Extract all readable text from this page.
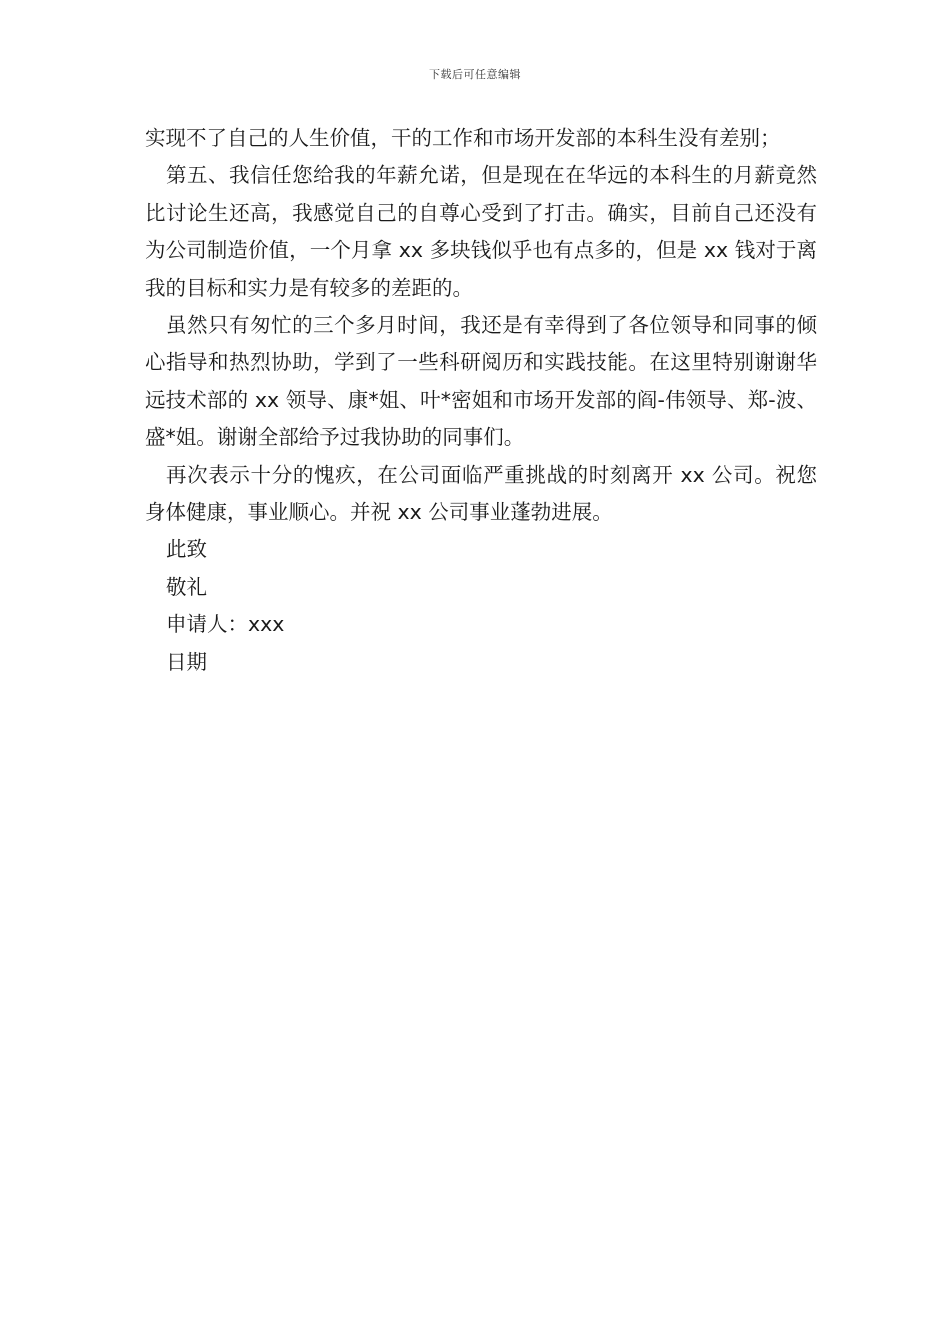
下载后可任意编辑

实现不了自己的人生价值，干的工作和市场开发部的本科生没有差别；

第五、我信任您给我的年薪允诺，但是现在在华远的本科生的月薪竟然比讨论生还高，我感觉自己的自尊心受到了打击。确实，目前自己还没有为公司制造价值，一个月拿 xx 多块钱似乎也有点多的，但是 xx 钱对于离我的目标和实力是有较多的差距的。

虽然只有匆忙的三个多月时间，我还是有幸得到了各位领导和同事的倾心指导和热烈协助，学到了一些科研阅历和实践技能。在这里特别谢谢华远技术部的 xx 领导、康*姐、叶*密姐和市场开发部的阎-伟领导、郑-波、盛*姐。谢谢全部给予过我协助的同事们。

再次表示十分的愧疚，在公司面临严重挑战的时刻离开 xx 公司。祝您身体健康，事业顺心。并祝 xx 公司事业蓬勃进展。

此致

敬礼

申请人：xxx

日期
